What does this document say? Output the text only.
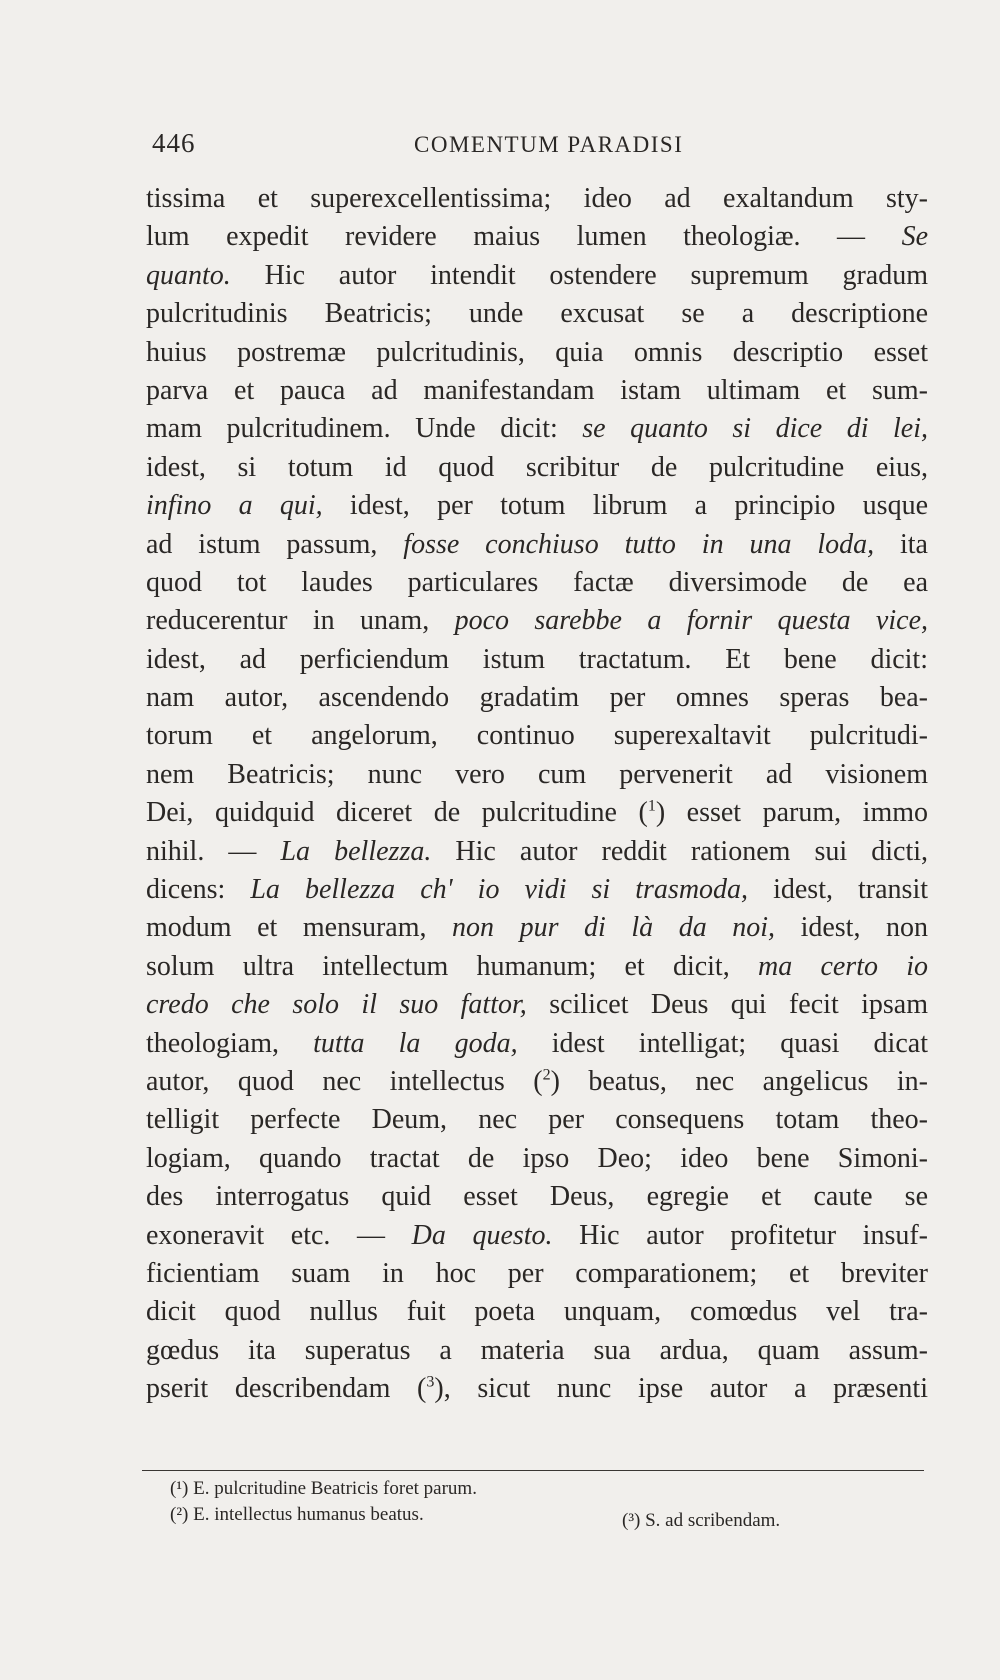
446	COMENTUM PARADISI
tissima et superexcellentissima; ideo ad exaltandum sty-
lum expedit revidere maius lumen theologiæ. — Se
quanto. Hic autor intendit ostendere supremum gradum
pulcritudinis Beatricis; unde excusat se a descriptione
huius postremæ pulcritudinis, quia omnis descriptio esset
parva et pauca ad manifestandam istam ultimam et sum-
mam pulcritudinem. Unde dicit: se quanto si dice di lei,
idest, si totum id quod scribitur de pulcritudine eius,
infino a qui, idest, per totum librum a principio usque
ad istum passum, fosse conchiuso tutto in una loda, ita
quod tot laudes particulares factæ diversimode de ea
reducerentur in unam, poco sarebbe a fornir questa vice,
idest, ad perficiendum istum tractatum. Et bene dicit:
nam autor, ascendendo gradatim per omnes speras bea-
torum et angelorum, continuo superexaltavit pulcritudi-
nem Beatricis; nunc vero cum pervenerit ad visionem
Dei, quidquid diceret de pulcritudine ($^1$) esset parum, immo
nihil. — La bellezza. Hic autor reddit rationem sui dicti,
dicens: La bellezza ch' io vidi si trasmoda, idest, transit
modum et mensuram, non pur di là da noi, idest, non
solum ultra intellectum humanum; et dicit, ma certo io
credo che solo il suo fattor, scilicet Deus qui fecit ipsam
theologiam, tutta la goda, idest intelligat; quasi dicat
autor, quod nec intellectus ($^2$) beatus, nec angelicus in-
telligit perfecte Deum, nec per consequens totam theo-
logiam, quando tractat de ipso Deo; ideo bene Simoni-
des interrogatus quid esset Deus, egregie et caute se
exoneravit etc. — Da questo. Hic autor profitetur insuf-
ficientiam suam in hoc per comparationem; et breviter
dicit quod nullus fuit poeta unquam, comœdus vel tra-
gœdus ita superatus a materia sua ardua, quam assum-
pserit describendam ($^3$), sicut nunc ipse autor a præsenti
(¹) E. pulcritudine Beatricis foret parum.
(²) E. intellectus humanus beatus.	(³) S. ad scribendam.
